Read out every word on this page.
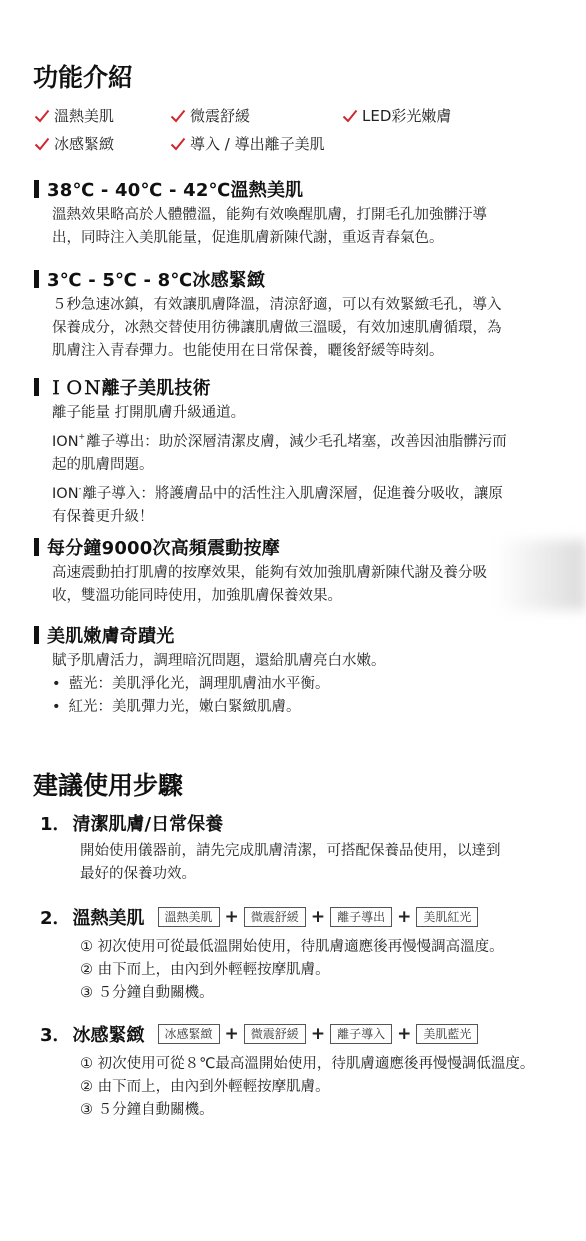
功能介紹
溫熱美肌	微震舒緩	LED彩光嫩膚
冰感緊緻	導入 / 導出離子美肌
38℃ - 40℃ - 42℃溫熱美肌

溫熱效果略高於人體體溫，能夠有效喚醒肌膚，打開毛孔加強髒汙導

出，同時注入美肌能量，促進肌膚新陳代謝，重返青春氣色。

3℃ - 5℃ - 8℃冰感緊緻

５秒急速冰鎮，有效讓肌膚降溫，清涼舒適，可以有效緊緻毛孔，導入

保養成分，冰熱交替使用彷彿讓肌膚做三溫暖，有效加速肌膚循環，為

肌膚注入青春彈力。也能使用在日常保養，曬後舒緩等時刻。

ＩＯＮ離子美肌技術

離子能量 打開肌膚升級通道。

ION+離子導出：助於深層清潔皮膚，減少毛孔堵塞，改善因油脂髒污而

起的肌膚問題。

ION-離子導入：將護膚品中的活性注入肌膚深層，促進養分吸收，讓原

有保養更升級！

每分鐘9000次高頻震動按摩

高速震動拍打肌膚的按摩效果，能夠有效加強肌膚新陳代謝及養分吸

收，雙溫功能同時使用，加強肌膚保養效果。

美肌嫩膚奇蹟光

賦予肌膚活力，調理暗沉問題，還給肌膚亮白水嫩。

• 藍光：美肌淨化光，調理肌膚油水平衡。

• 紅光：美肌彈力光，嫩白緊緻肌膚。

建議使用步驟
1． 清潔肌膚/日常保養

開始使用儀器前，請先完成肌膚清潔，可搭配保養品使用，以達到

最好的保養功效。

2． 溫熱美肌	溫熱美肌 +	微震舒緩 +	離子導出 +	美肌紅光

① 初次使用可從最低溫開始使用，待肌膚適應後再慢慢調高溫度。

② 由下而上，由內到外輕輕按摩肌膚。

③ ５分鐘自動關機。

3． 冰感緊緻	冰感緊緻 +	微震舒緩 +	離子導入 +	美肌藍光

① 初次使用可從８℃最高溫開始使用，待肌膚適應後再慢慢調低溫度。

② 由下而上，由內到外輕輕按摩肌膚。

③ ５分鐘自動關機。
